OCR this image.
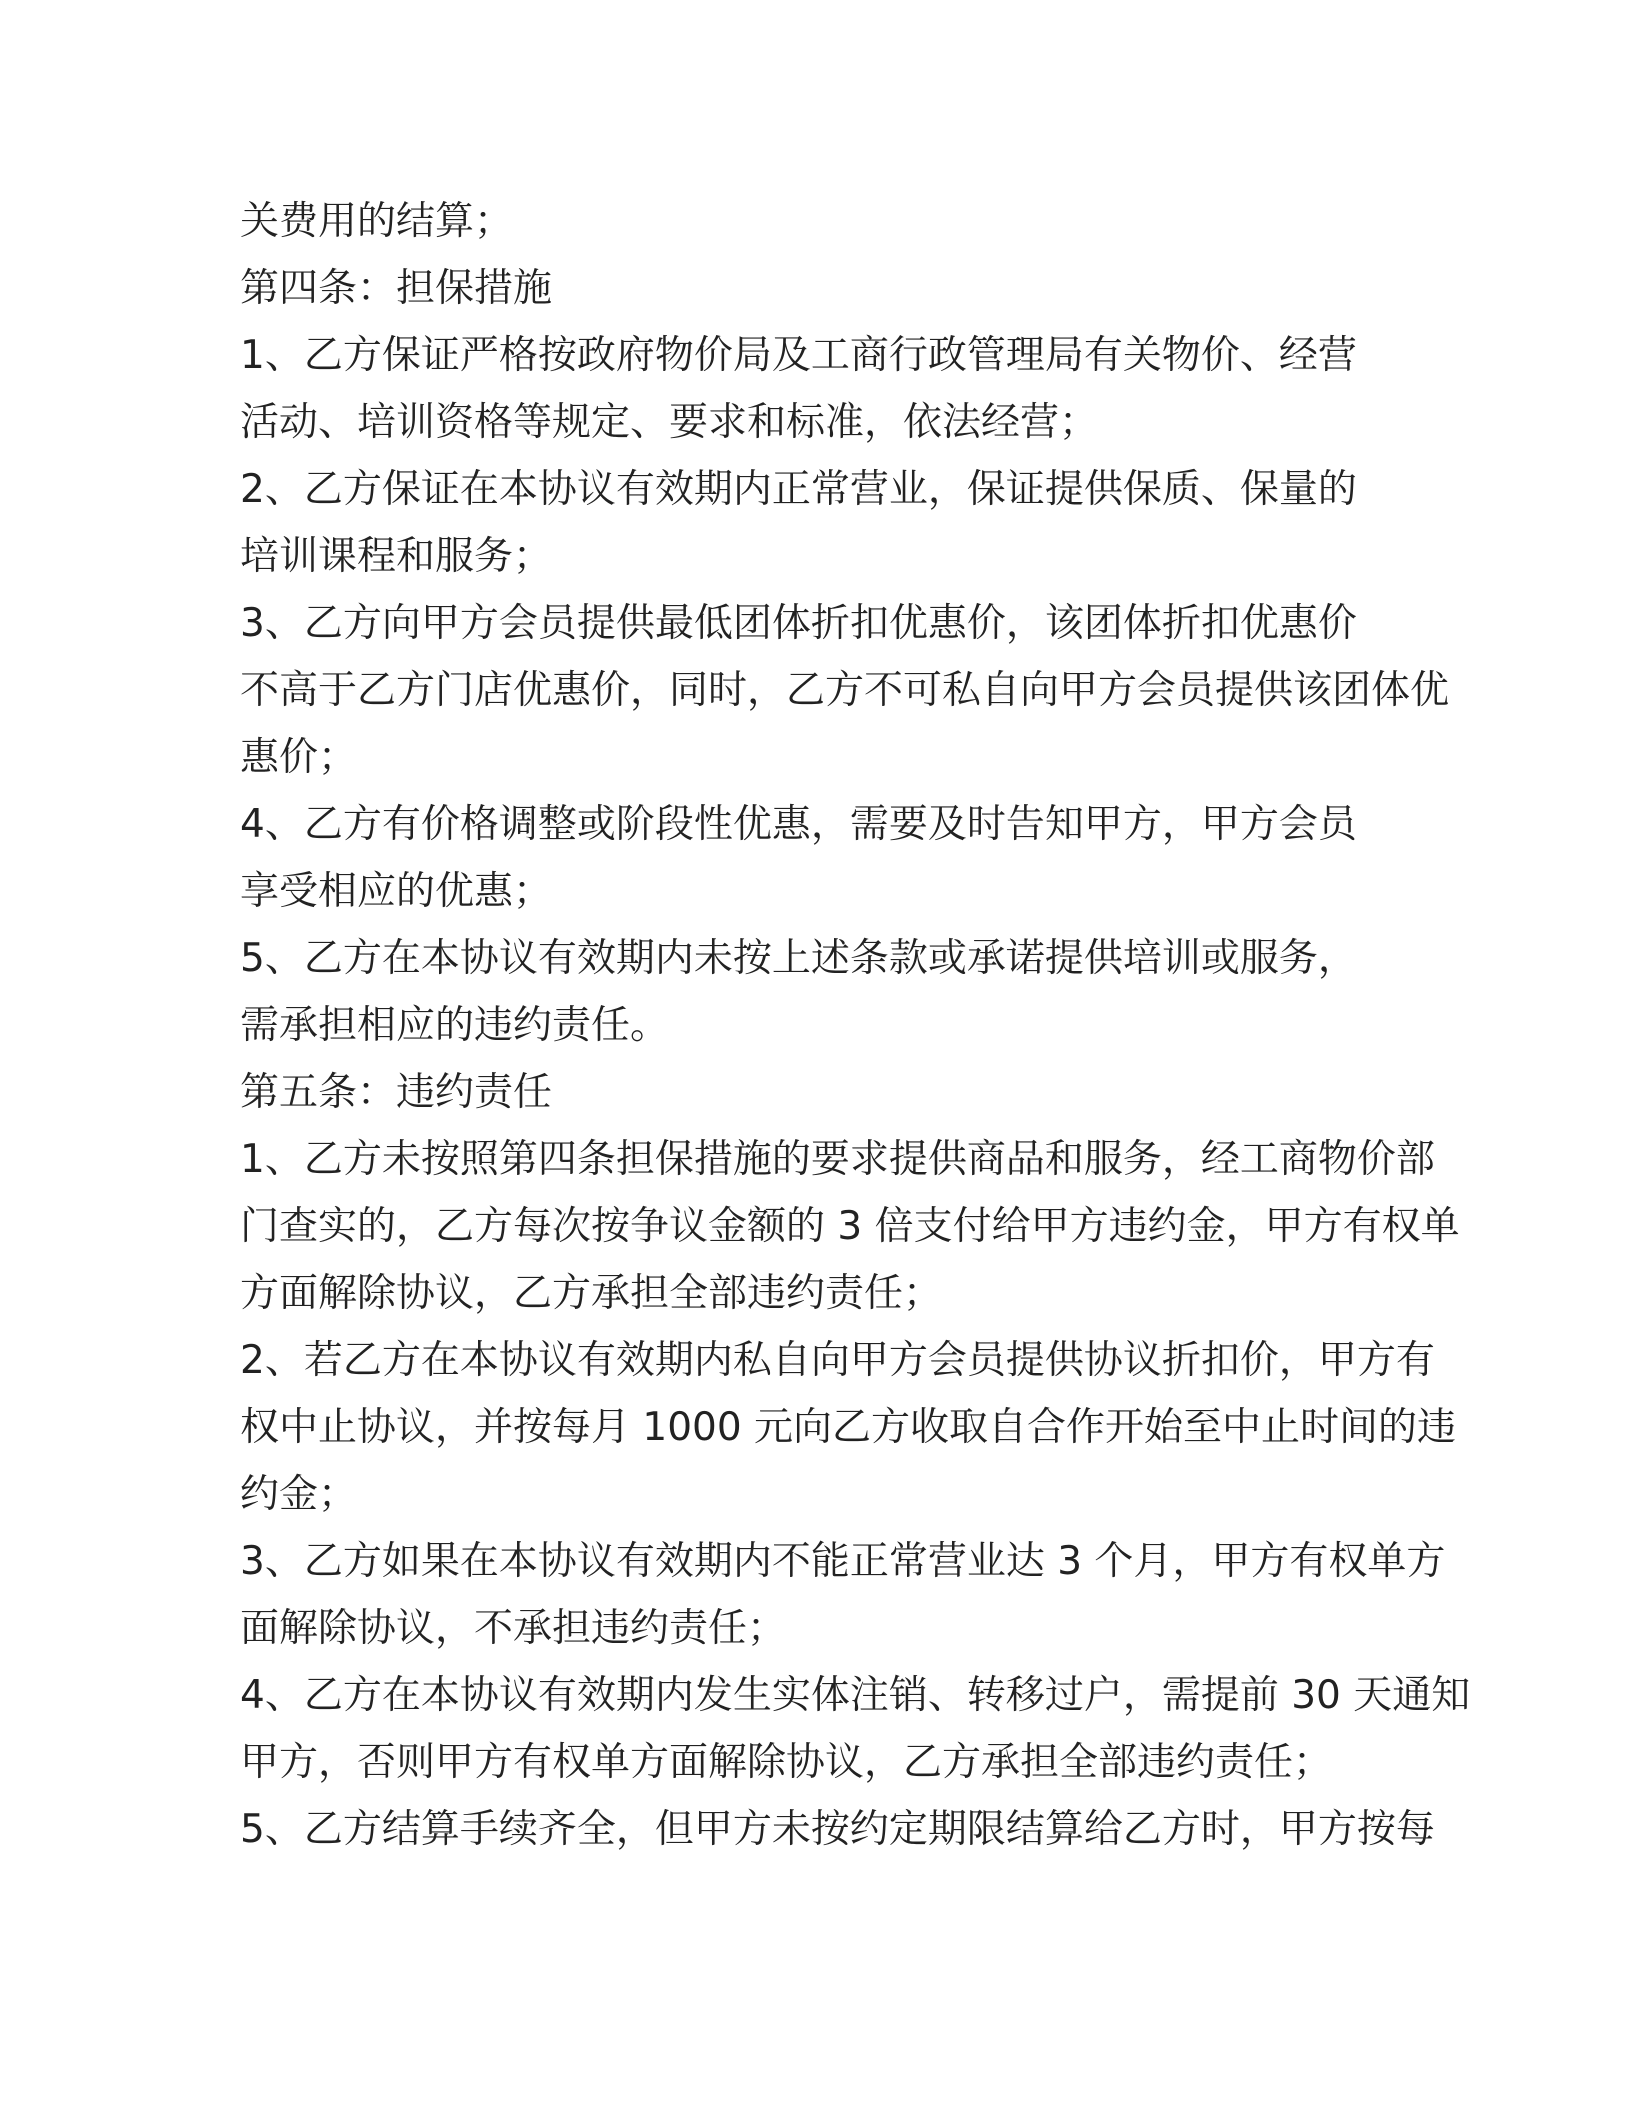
关费用的结算；
第四条：担保措施
1、乙方保证严格按政府物价局及工商行政管理局有关物价、经营
活动、培训资格等规定、要求和标准，依法经营；
2、乙方保证在本协议有效期内正常营业，保证提供保质、保量的
培训课程和服务；
3、乙方向甲方会员提供最低团体折扣优惠价，该团体折扣优惠价
不高于乙方门店优惠价，同时，乙方不可私自向甲方会员提供该团体优
惠价；
4、乙方有价格调整或阶段性优惠，需要及时告知甲方，甲方会员
享受相应的优惠；
5、乙方在本协议有效期内未按上述条款或承诺提供培训或服务，
需承担相应的违约责任。
第五条：违约责任
1、乙方未按照第四条担保措施的要求提供商品和服务，经工商物价部
门查实的，乙方每次按争议金额的 3 倍支付给甲方违约金，甲方有权单
方面解除协议，乙方承担全部违约责任；
2、若乙方在本协议有效期内私自向甲方会员提供协议折扣价，甲方有
权中止协议，并按每月 1000 元向乙方收取自合作开始至中止时间的违
约金；
3、乙方如果在本协议有效期内不能正常营业达 3 个月，甲方有权单方
面解除协议，不承担违约责任；
4、乙方在本协议有效期内发生实体注销、转移过户，需提前 30 天通知
甲方，否则甲方有权单方面解除协议，乙方承担全部违约责任；
5、乙方结算手续齐全，但甲方未按约定期限结算给乙方时，甲方按每
